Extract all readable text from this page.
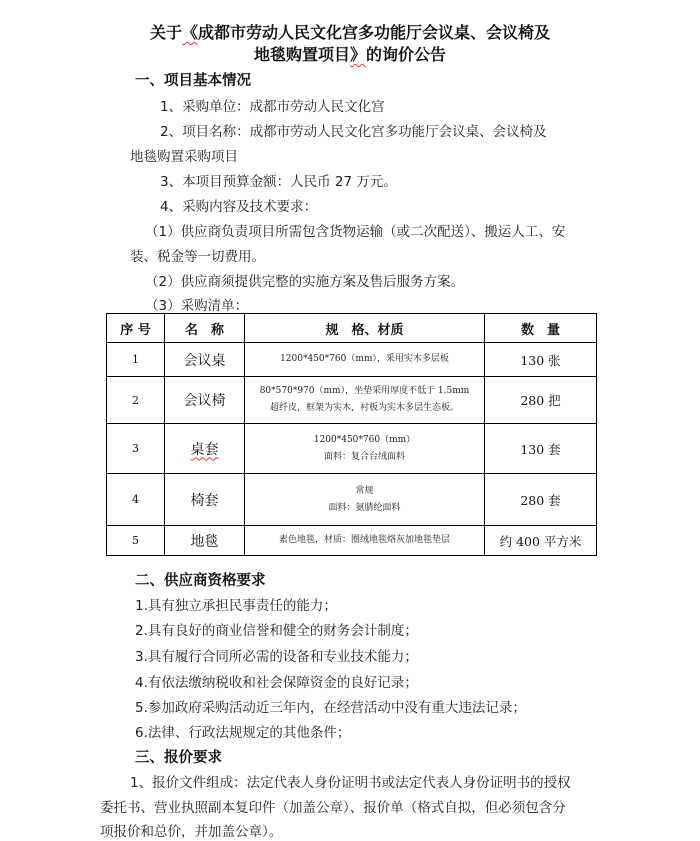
关于《成都市劳动人民文化宫多功能厅会议桌、会议椅及
地毯购置项目》的询价公告
一、项目基本情况
1、采购单位：成都市劳动人民文化宫
2、项目名称：成都市劳动人民文化宫多功能厅会议桌、会议椅及
地毯购置采购项目
3、本项目预算金额：人民币 27 万元。
4、采购内容及技术要求：
（1）供应商负责项目所需包含货物运输（或二次配送）、搬运人工、安
装、税金等一切费用。
（2）供应商须提供完整的实施方案及售后服务方案。
（3）采购清单：
序 号	名　称	规　格、材质	数　量
1	会议桌	1200*450*760（mm），采用实木多层板	130 张
2	会议椅	80*570*970（mm），坐垫采用厚度不低于 1.5mm
超纤皮，框架为实木，衬板为实木多层生态板。	280 把
3	桌套	1200*450*760（mm）
面料：复合台绒面料	130 套
4	椅套	常规
面料：氨腈纶面料	280 套
5	地毯	素色地毯，材质：圈绒地毯烙灰加地毯垫层	约 400 平方米
二、供应商资格要求
1.具有独立承担民事责任的能力；
2.具有良好的商业信誉和健全的财务会计制度；
3.具有履行合同所必需的设备和专业技术能力；
4.有依法缴纳税收和社会保障资金的良好记录；
5.参加政府采购活动近三年内，在经营活动中没有重大违法记录；
6.法律、行政法规规定的其他条件；
三、报价要求
1、报价文件组成：法定代表人身份证明书或法定代表人身份证明书的授权
委托书、营业执照副本复印件（加盖公章）、报价单（格式自拟，但必须包含分
项报价和总价，并加盖公章）。
